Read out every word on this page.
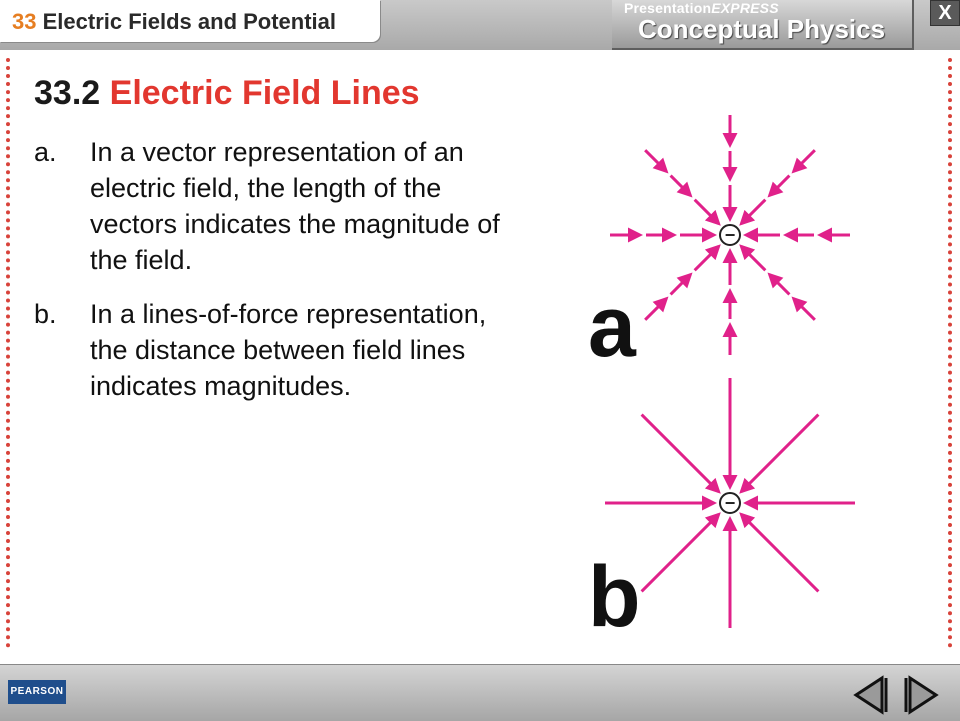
33 Electric Fields and Potential
PresentationEXPRESS
Conceptual Physics
X
33.2 Electric Field Lines
a. In a vector representation of an electric field, the length of the vectors indicates the magnitude of the field.
b. In a lines-of-force representation, the distance between field lines indicates magnitudes.
−
−
a
b
PEARSON
